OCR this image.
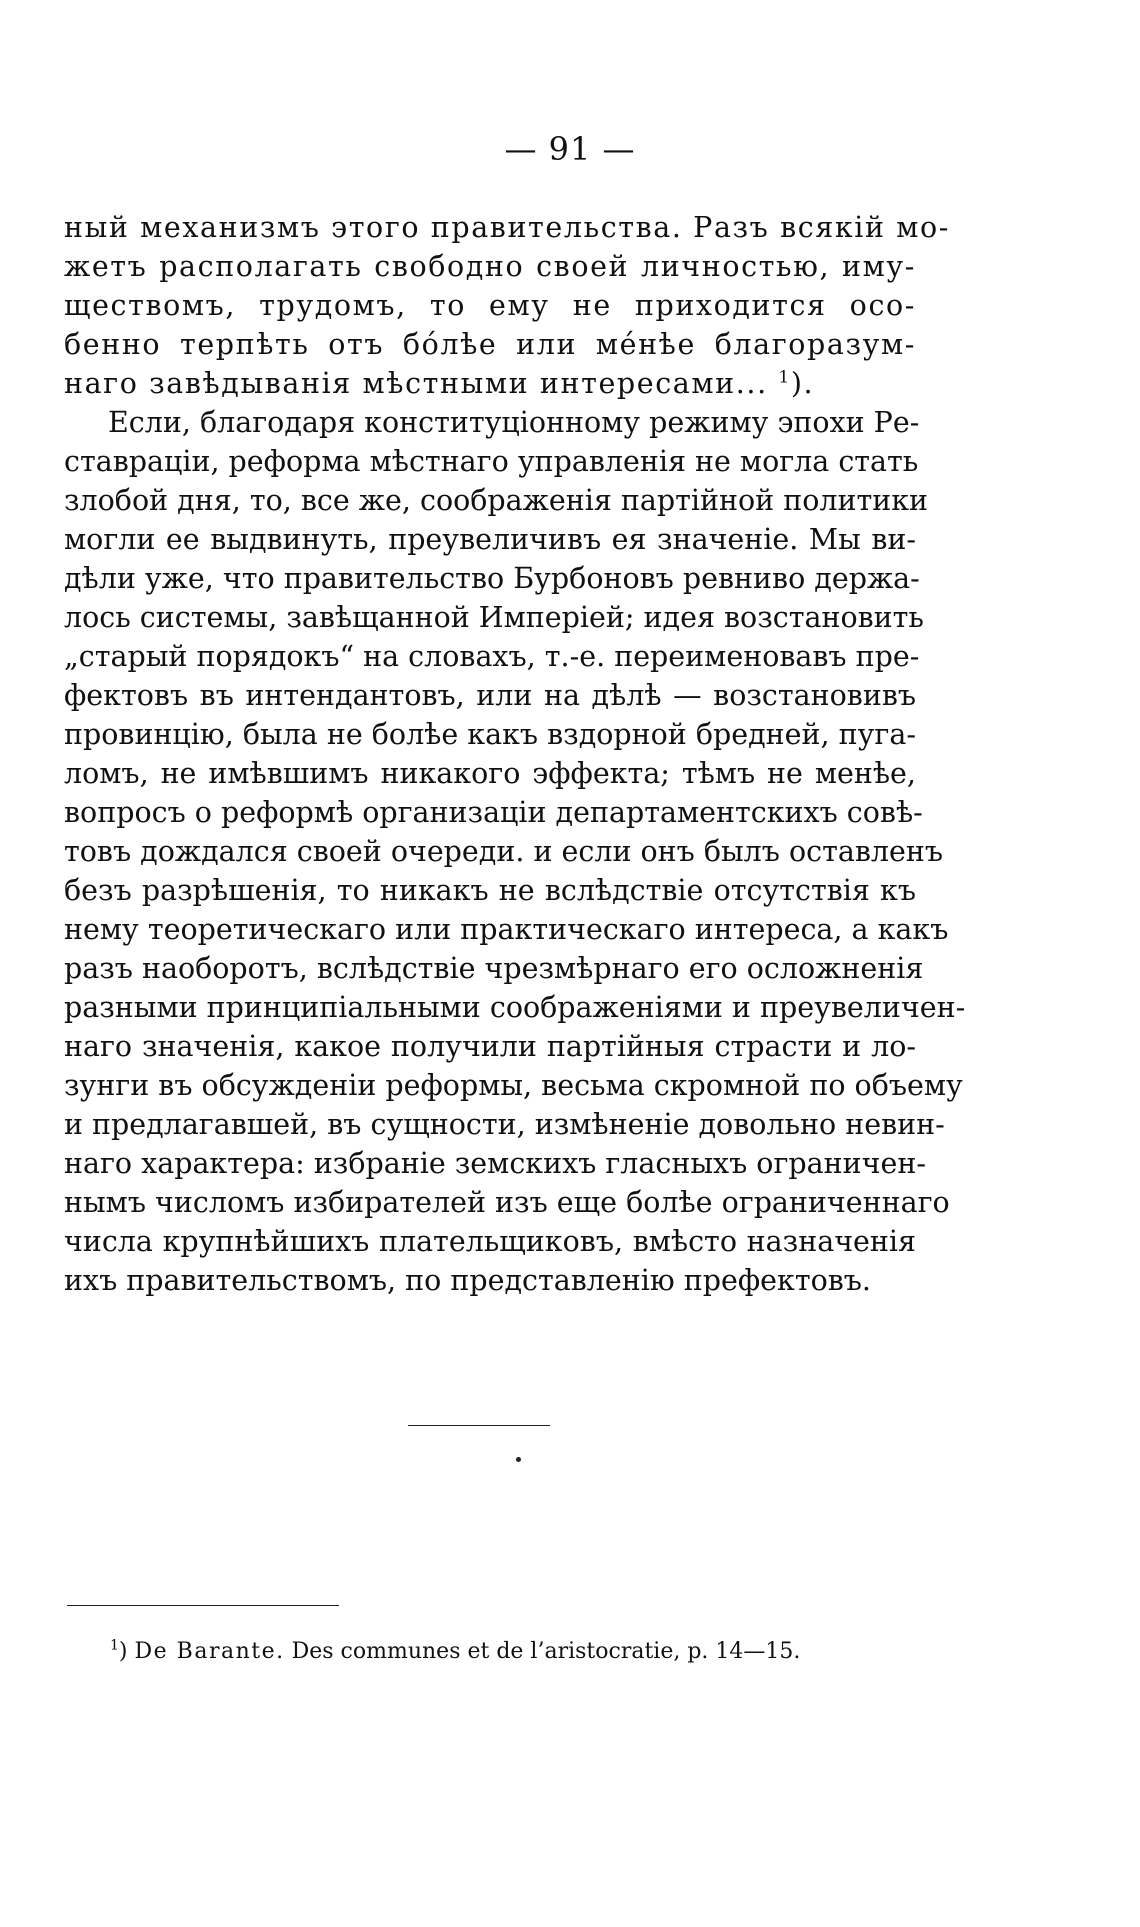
— 91 —
ный механизмъ этого правительства. Разъ всякій мо-
жетъ располагать свободно своей личностью, иму-
ществомъ, трудомъ, то ему не приходится осо-
бенно терпѣть отъ бо́лѣе или мéнѣе благоразум-
наго завѣдыванія мѣстными интересами... $^1$).
Если, благодаря конституціонному режиму эпохи Ре-
ставраціи, реформа мѣстнаго управленія не могла стать
злобой дня, то, все же, соображенія партійной политики
могли ее выдвинуть, преувеличивъ ея значеніе. Мы ви-
дѣли уже, что правительство Бурбоновъ ревниво держа-
лось системы, завѣщанной Имперіей; идея возстановить
„старый порядокъ“ на словахъ, т.-е. переименовавъ пре-
фектовъ въ интендантовъ, или на дѣлѣ — возстановивъ
провинцію, была не болѣе какъ вздорной бредней, пуга-
ломъ, не имѣвшимъ никакого эффекта; тѣмъ не менѣе,
вопросъ о реформѣ организаціи департаментскихъ совѣ-
товъ дождался своей очереди. и если онъ былъ оставленъ
безъ разрѣшенія, то никакъ не вслѣдствіе отсутствія къ
нему теоретическаго или практическаго интереса, а какъ
разъ наоборотъ, вслѣдствіе чрезмѣрнаго его осложненія
разными принципіальными соображеніями и преувеличен-
наго значенія, какое получили партійныя страсти и ло-
зунги въ обсужденіи реформы, весьма скромной по объему
и предлагавшей, въ сущности, измѣненіе довольно невин-
наго характера: избраніе земскихъ гласныхъ ограничен-
нымъ числомъ избирателей изъ еще болѣе ограниченнаго
числа крупнѣйшихъ плательщиковъ, вмѣсто назначенія
ихъ правительствомъ, по представленію префектовъ.
$^1$) De Barante. Des communes et de l’aristocratie, p. 14—15.
